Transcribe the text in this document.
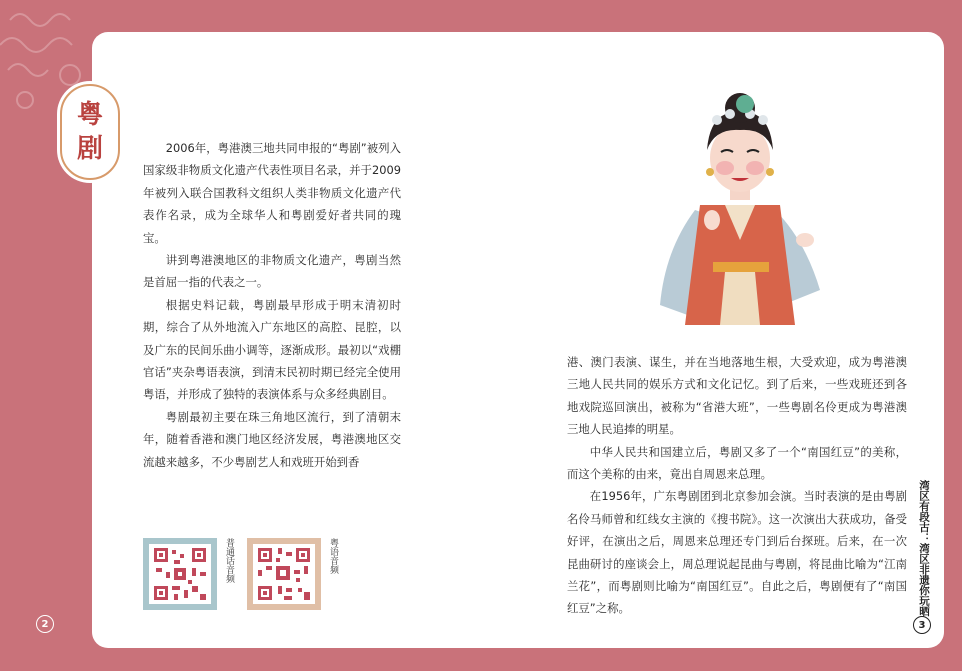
粤
剧	2006年，粤港澳三地共同申报的“粤剧”被列入国家级非物质文化遗产代表性项目名录，并于2009年被列入联合国教科文组织人类非物质文化遗产代表作名录，成为全球华人和粤剧爱好者共同的瑰宝。

讲到粤港澳地区的非物质文化遗产，粤剧当然是首屈一指的代表之一。

根据史料记载，粤剧最早形成于明末清初时期，综合了从外地流入广东地区的高腔、昆腔，以及广东的民间乐曲小调等，逐渐成形。最初以“戏棚官话”夹杂粤语表演，到清末民初时期已经完全使用粤语，并形成了独特的表演体系与众多经典剧目。

粤剧最初主要在珠三角地区流行，到了清朝末年，随着香港和澳门地区经济发展，粤港澳地区交流越来越多，不少粤剧艺人和戏班开始到香

普通话音频	粤语音频

港、澳门表演、谋生，并在当地落地生根，大受欢迎，成为粤港澳三地人民共同的娱乐方式和文化记忆。到了后来，一些戏班还到各地戏院巡回演出，被称为“省港大班”，一些粤剧名伶更成为粤港澳三地人民追捧的明星。

中华人民共和国建立后，粤剧又多了一个“南国红豆”的美称，而这个美称的由来，竟出自周恩来总理。

在1956年，广东粤剧团到北京参加会演。当时表演的是由粤剧名伶马师曾和红线女主演的《搜书院》。这一次演出大获成功，备受好评，在演出之后，周恩来总理还专门到后台探班。后来，在一次昆曲研讨的座谈会上，周总理说起昆曲与粤剧，将昆曲比喻为“江南兰花”，而粤剧则比喻为“南国红豆”。自此之后，粤剧便有了“南国红豆”之称。	湾区有段古：湾区非遗你玩晒
2	3
